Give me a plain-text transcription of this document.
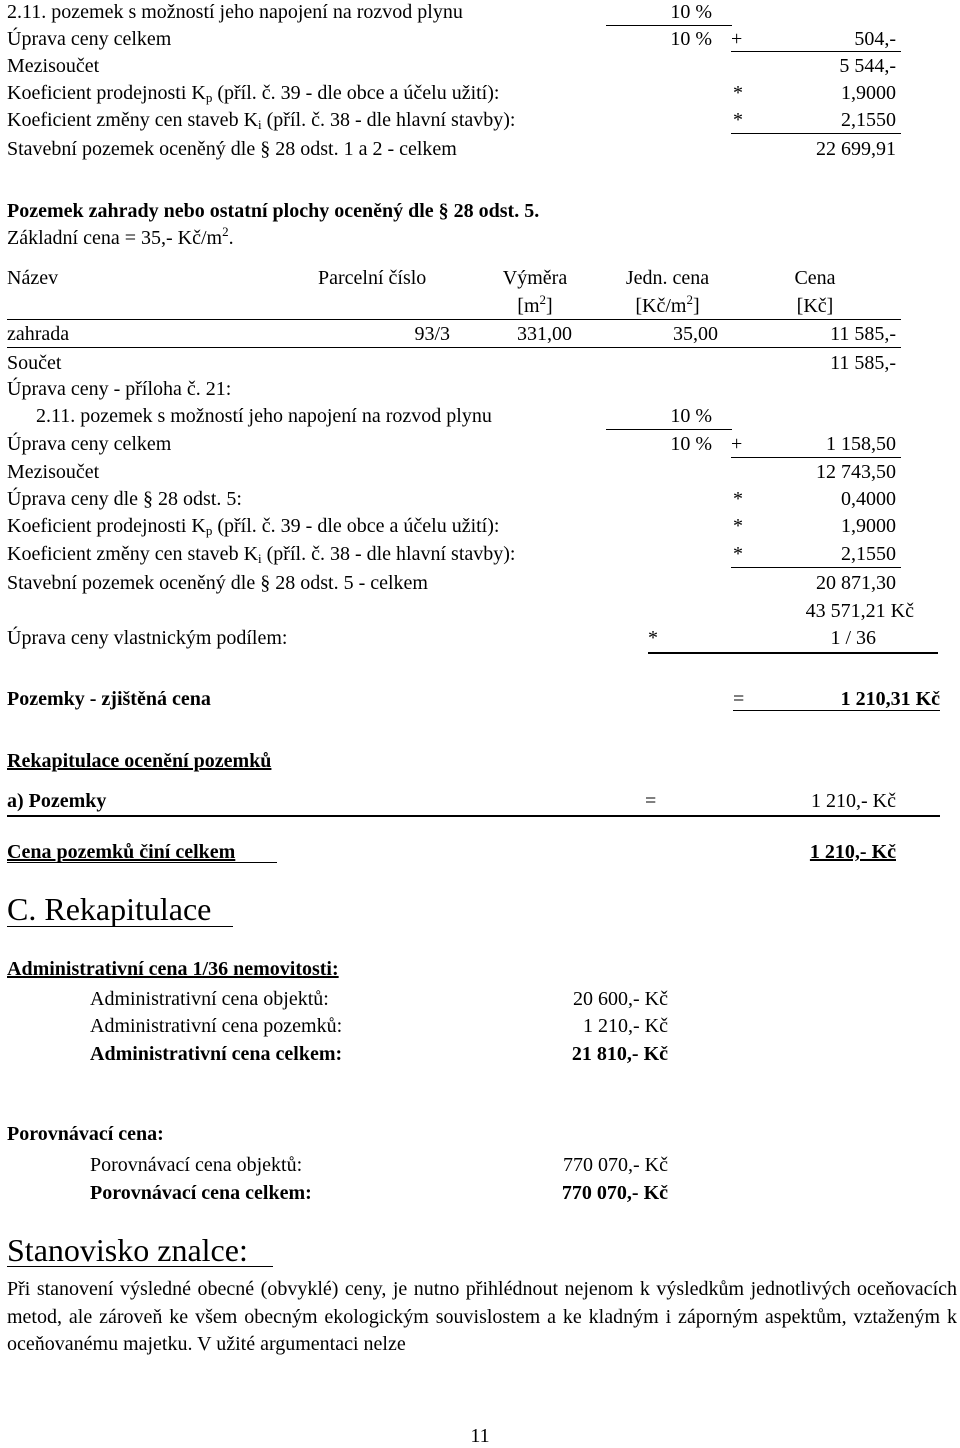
2.11. pozemek s možností jeho napojení na rozvod plynu	10 %
Úprava ceny celkem	10 % +	504,-
Mezisoučet	5 544,-
Koeficient prodejnosti $K_p$ (příl. č. 39 - dle obce a účelu užití):	*	1,9000
Koeficient změny cen staveb $K_i$ (příl. č. 38 - dle hlavní stavby):	*	2,1550
Stavební pozemek oceněný dle § 28 odst. 1 a 2 - celkem	22 699,91
Pozemek zahrady nebo ostatní plochy oceněný dle § 28 odst. 5.
Základní cena = 35,- $Kč/m^2$.
Název	Parcelní číslo	Výměra	Jedn. cena	Cena
$[m^2]$	$[Kč/m^2]$	[Kč]
zahrada	93/3	331,00	35,00	11 585,-
Součet	11 585,-
Úprava ceny - příloha č. 21:
2.11. pozemek s možností jeho napojení na rozvod plynu	10 %
Úprava ceny celkem	10 % +	1 158,50
Mezisoučet	12 743,50
Úprava ceny dle § 28 odst. 5:	*	0,4000
Koeficient prodejnosti $K_p$ (příl. č. 39 - dle obce a účelu užití):	*	1,9000
Koeficient změny cen staveb $K_i$ (příl. č. 38 - dle hlavní stavby):	*	2,1550
Stavební pozemek oceněný dle § 28 odst. 5 - celkem	20 871,30
43 571,21 Kč
Úprava ceny vlastnickým podílem:	*	1 / 36
Pozemky - zjištěná cena	=	1 210,31 Kč
Rekapitulace ocenění pozemků
a) Pozemky	=	1 210,- Kč
Cena pozemků činí celkem	1 210,- Kč
C. Rekapitulace
Administrativní cena 1/36 nemovitosti:
Administrativní cena objektů:	20 600,- Kč
Administrativní cena pozemků:	1 210,- Kč
Administrativní cena celkem:	21 810,- Kč
Porovnávací cena:
Porovnávací cena objektů:	770 070,- Kč
Porovnávací cena celkem:	770 070,- Kč
Stanovisko znalce:
Při stanovení výsledné obecné (obvyklé) ceny, je nutno přihlédnout nejenom k výsledkům jednotlivých oceňovacích metod, ale zároveň ke všem obecným ekologickým souvislostem a ke kladným i záporným aspektům, vztaženým k oceňovanému majetku. V užité argumentaci nelze
11
